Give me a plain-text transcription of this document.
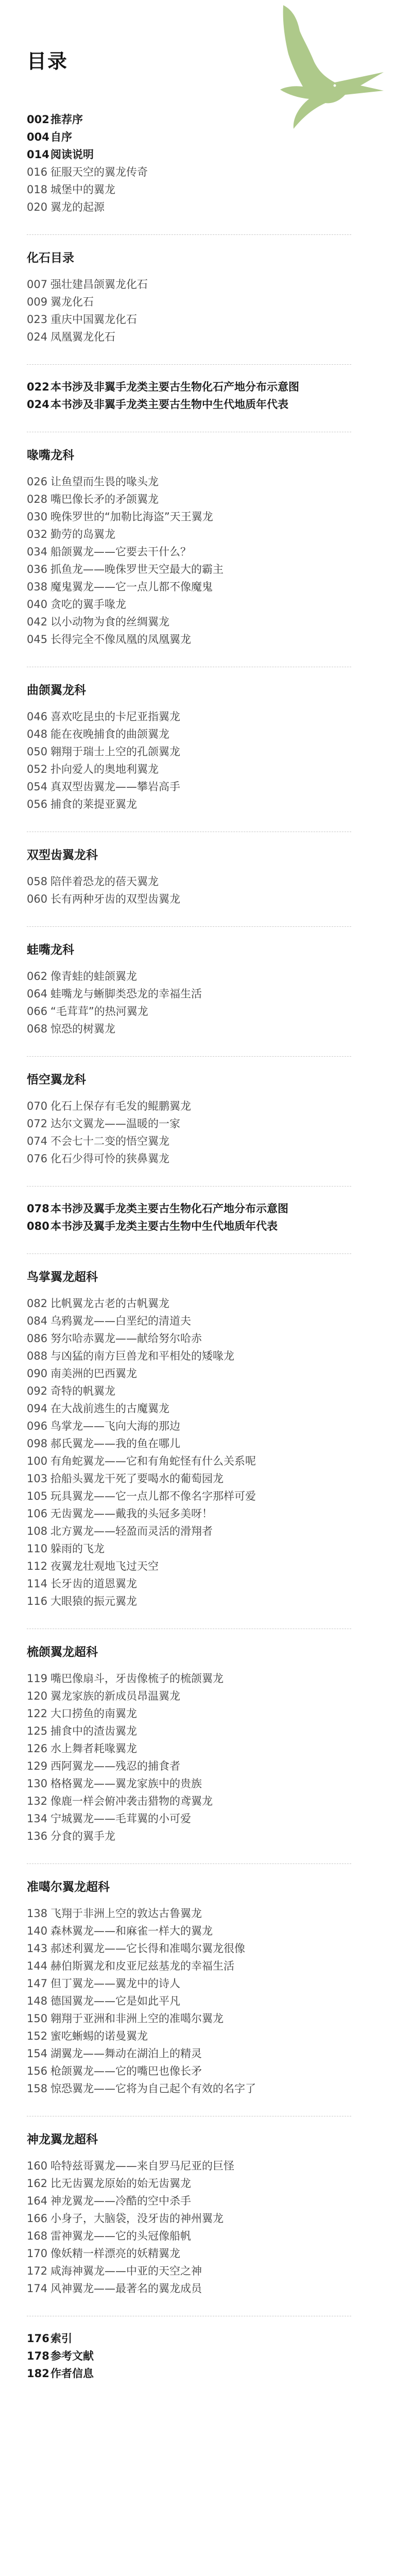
目录
002 推荐序
004 自序
014 阅读说明
016 征服天空的翼龙传奇
018 城堡中的翼龙
020 翼龙的起源
化石目录
007 强壮建昌颌翼龙化石
009 翼龙化石
023 重庆中国翼龙化石
024 凤凰翼龙化石
022 本书涉及非翼手龙类主要古生物化石产地分布示意图
024 本书涉及非翼手龙类主要古生物中生代地质年代表
喙嘴龙科
026 让鱼望而生畏的喙头龙
028 嘴巴像长矛的矛颌翼龙
030 晚侏罗世的“加勒比海盗”天王翼龙
032 勤劳的岛翼龙
034 船颌翼龙——它要去干什么？
036 抓鱼龙——晚侏罗世天空最大的霸主
038 魔鬼翼龙——它一点儿都不像魔鬼
040 贪吃的翼手喙龙
042 以小动物为食的丝绸翼龙
045 长得完全不像凤凰的凤凰翼龙
曲颌翼龙科
046 喜欢吃昆虫的卡尼亚指翼龙
048 能在夜晚捕食的曲颌翼龙
050 翱翔于瑞士上空的孔颌翼龙
052 扑向爱人的奥地利翼龙
054 真双型齿翼龙——攀岩高手
056 捕食的莱提亚翼龙
双型齿翼龙科
058 陪伴着恐龙的蓓天翼龙
060 长有两种牙齿的双型齿翼龙
蛙嘴龙科
062 像青蛙的蛙颌翼龙
064 蛙嘴龙与蜥脚类恐龙的幸福生活
066 “毛茸茸”的热河翼龙
068 惊恐的树翼龙
悟空翼龙科
070 化石上保存有毛发的鲲鹏翼龙
072 达尔文翼龙——温暖的一家
074 不会七十二变的悟空翼龙
076 化石少得可怜的狭鼻翼龙
078 本书涉及翼手龙类主要古生物化石产地分布示意图
080 本书涉及翼手龙类主要古生物中生代地质年代表
鸟掌翼龙超科
082 比帆翼龙古老的古帆翼龙
084 乌鸦翼龙——白垩纪的清道夫
086 努尔哈赤翼龙——献给努尔哈赤
088 与凶猛的南方巨兽龙和平相处的矮喙龙
090 南美洲的巴西翼龙
092 奇特的帆翼龙
094 在大战前逃生的古魔翼龙
096 鸟掌龙——飞向大海的那边
098 郝氏翼龙——我的鱼在哪儿
100 有角蛇翼龙——它和有角蛇怪有什么关系呢
103 拾船头翼龙干死了要喝水的葡萄园龙
105 玩具翼龙——它一点儿都不像名字那样可爱
106 无齿翼龙——戴我的头冠多美呀！
108 北方翼龙——轻盈而灵活的滑翔者
110 躲雨的飞龙
112 夜翼龙壮观地飞过天空
114 长牙齿的道恩翼龙
116 大眼猿的振元翼龙
梳颌翼龙超科
119 嘴巴像扇斗，牙齿像梳子的梳颌翼龙
120 翼龙家族的新成员昂温翼龙
122 大口捞鱼的南翼龙
125 捕食中的渣齿翼龙
126 水上舞者耗喙翼龙
129 西阿翼龙——残忍的捕食者
130 格格翼龙——翼龙家族中的贵族
132 像鹿一样会俯冲袭击猎物的鸢翼龙
134 宁城翼龙——毛茸翼的小可爱
136 分食的翼手龙
准噶尔翼龙超科
138 飞翔于非洲上空的敦达古鲁翼龙
140 森林翼龙——和麻雀一样大的翼龙
143 郝述利翼龙——它长得和准噶尔翼龙很像
144 赫伯斯翼龙和皮亚尼兹基龙的幸福生活
147 但丁翼龙——翼龙中的诗人
148 德国翼龙——它是如此平凡
150 翱翔于亚洲和非洲上空的准噶尔翼龙
152 蜜吃蜥蜴的诺曼翼龙
154 湖翼龙——舞动在湖泊上的精灵
156 枪颌翼龙——它的嘴巴也像长矛
158 惊恐翼龙——它将为自己起个有效的名字了
神龙翼龙超科
160 哈特兹哥翼龙——来自罗马尼亚的巨怪
162 比无齿翼龙原始的始无齿翼龙
164 神龙翼龙——冷酷的空中杀手
166 小身子，大脑袋，没牙齿的神州翼龙
168 雷神翼龙——它的头冠像船帆
170 像妖精一样漂亮的妖精翼龙
172 咸海神翼龙——中亚的天空之神
174 风神翼龙——最著名的翼龙成员
176 索引
178 参考文献
182 作者信息
